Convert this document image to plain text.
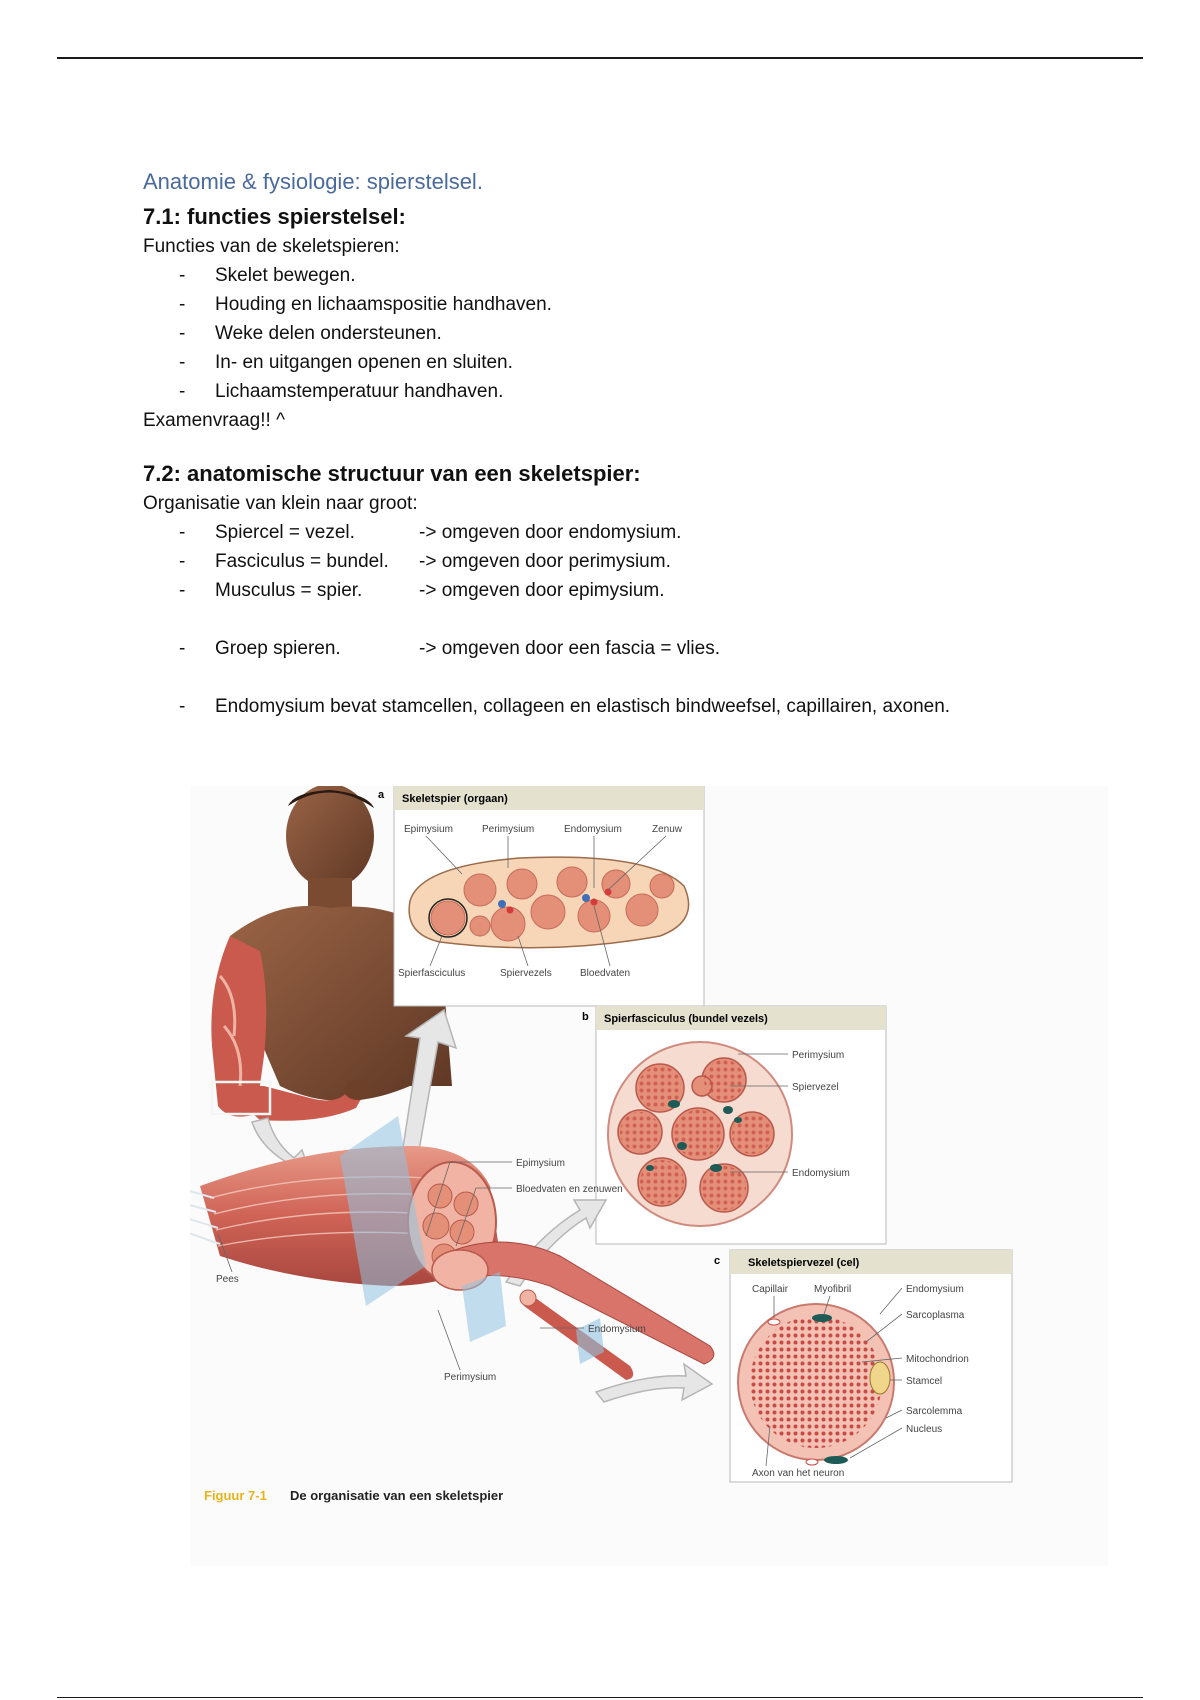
Anatomie & fysiologie: spierstelsel.
7.1: functies spierstelsel:

Functies van de skeletspieren:

- Skelet bewegen.
- Houding en lichaamspositie handhaven.
- Weke delen ondersteunen.
- In- en uitgangen openen en sluiten.
- Lichaamstemperatuur handhaven.

Examenvraag!! ^

7.2: anatomische structuur van een skeletspier:

Organisatie van klein naar groot:

- Spiercel = vezel.	-> omgeven door endomysium.
- Fasciculus = bundel. -> omgeven door perimysium.
- Musculus = spier.	-> omgeven door epimysium.
- Groep spieren.	-> omgeven door een fascia = vlies.
- Endomysium bevat stamcellen, collageen en elastisch bindweefsel, capillairen, axonen.
a Skeletspier (orgaan)
Epimysium	Perimysium	Endomysium	Zenuw
Spierfasciculus	Spiervezels	Bloedvaten
b Spierfasciculus (bundel vezels)
Perimysium
Spiervezel
Endomysium
c	Skeletspiervezel (cel)
Capillair	Myofibril	Endomysium
Sarcoplasma
Mitochondrion
Stamcel
Sarcolemma
Nucleus
Axon van het neuron
Epimysium
Bloedvaten en zenuwen
Pees
Endomysium
Perimysium
Figuur 7-1 De organisatie van een skeletspier
